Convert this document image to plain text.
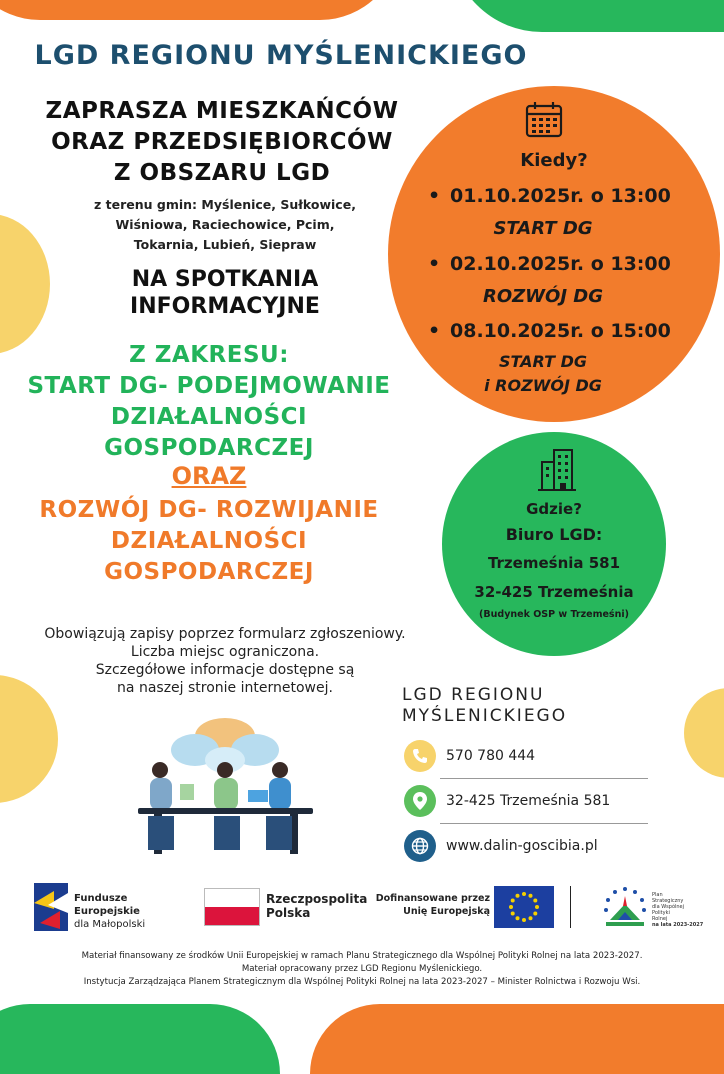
LGD REGIONU MYŚLENICKIEGO
ZAPRASZA MIESZKAŃCÓW
ORAZ PRZEDSIĘBIORCÓW
Z OBSZARU LGD
z terenu gmin: Myślenice, Sułkowice,
Wiśniowa, Raciechowice, Pcim,
Tokarnia, Lubień, Siepraw
NA SPOTKANIA
INFORMACYJNE
Z ZAKRESU:
START DG- PODEJMOWANIE
DZIAŁALNOŚCI
GOSPODARCZEJ
ORAZ
ROZWÓJ DG- ROZWIJANIE
DZIAŁALNOŚCI
GOSPODARCZEJ
Obowiązują zapisy poprzez formularz zgłoszeniowy.
Liczba miejsc ograniczona.
Szczegółowe informacje dostępne są
na naszej stronie internetowej.
Kiedy?
• 01.10.2025r. o 13:00
START DG
• 02.10.2025r. o 13:00
ROZWÓJ DG
• 08.10.2025r. o 15:00
START DG
i ROZWÓJ DG
Gdzie?
Biuro LGD:
Trzemeśnia 581
32-425 Trzemeśnia
(Budynek OSP w Trzemeśni)
LGD REGIONU
MYŚLENICKIEGO
570 780 444
32-425 Trzemeśnia 581
www.dalin-goscibia.pl
Fundusze Europejskie
dla Małopolski
Rzeczpospolita
Polska
Dofinansowane przez
Unię Europejską
Plan
Strategiczny
dla Wspólnej
Polityki
Rolnej
na lata 2023-2027
Materiał finansowany ze środków Unii Europejskiej w ramach Planu Strategicznego dla Wspólnej Polityki Rolnej na lata 2023-2027.
Materiał opracowany przez LGD Regionu Myślenickiego.
Instytucja Zarządzająca Planem Strategicznym dla Wspólnej Polityki Rolnej na lata 2023-2027 – Minister Rolnictwa i Rozwoju Wsi.
